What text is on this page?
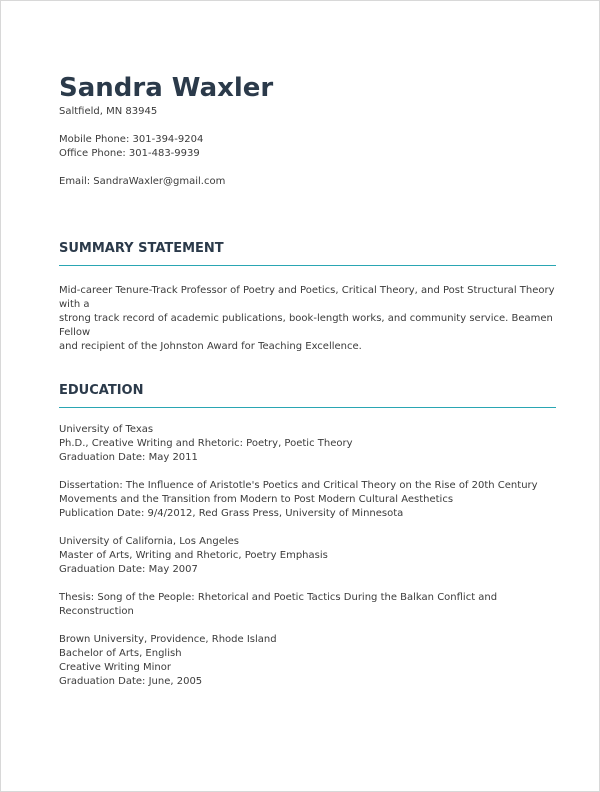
Sandra Waxler
Saltfield, MN 83945
Mobile Phone: 301-394-9204
Office Phone: 301-483-9939
Email: SandraWaxler@gmail.com
SUMMARY STATEMENT
Mid-career Tenure-Track Professor of Poetry and Poetics, Critical Theory, and Post Structural Theory with a
strong track record of academic publications, book-length works, and community service. Beamen Fellow
and recipient of the Johnston Award for Teaching Excellence.
EDUCATION
University of Texas
Ph.D., Creative Writing and Rhetoric: Poetry, Poetic Theory
Graduation Date: May 2011
Dissertation: The Influence of Aristotle's Poetics and Critical Theory on the Rise of 20th Century
Movements and the Transition from Modern to Post Modern Cultural Aesthetics
Publication Date: 9/4/2012, Red Grass Press, University of Minnesota
University of California, Los Angeles
Master of Arts, Writing and Rhetoric, Poetry Emphasis
Graduation Date: May 2007
Thesis: Song of the People: Rhetorical and Poetic Tactics During the Balkan Conflict and Reconstruction
Brown University, Providence, Rhode Island
Bachelor of Arts, English
Creative Writing Minor
Graduation Date: June, 2005
